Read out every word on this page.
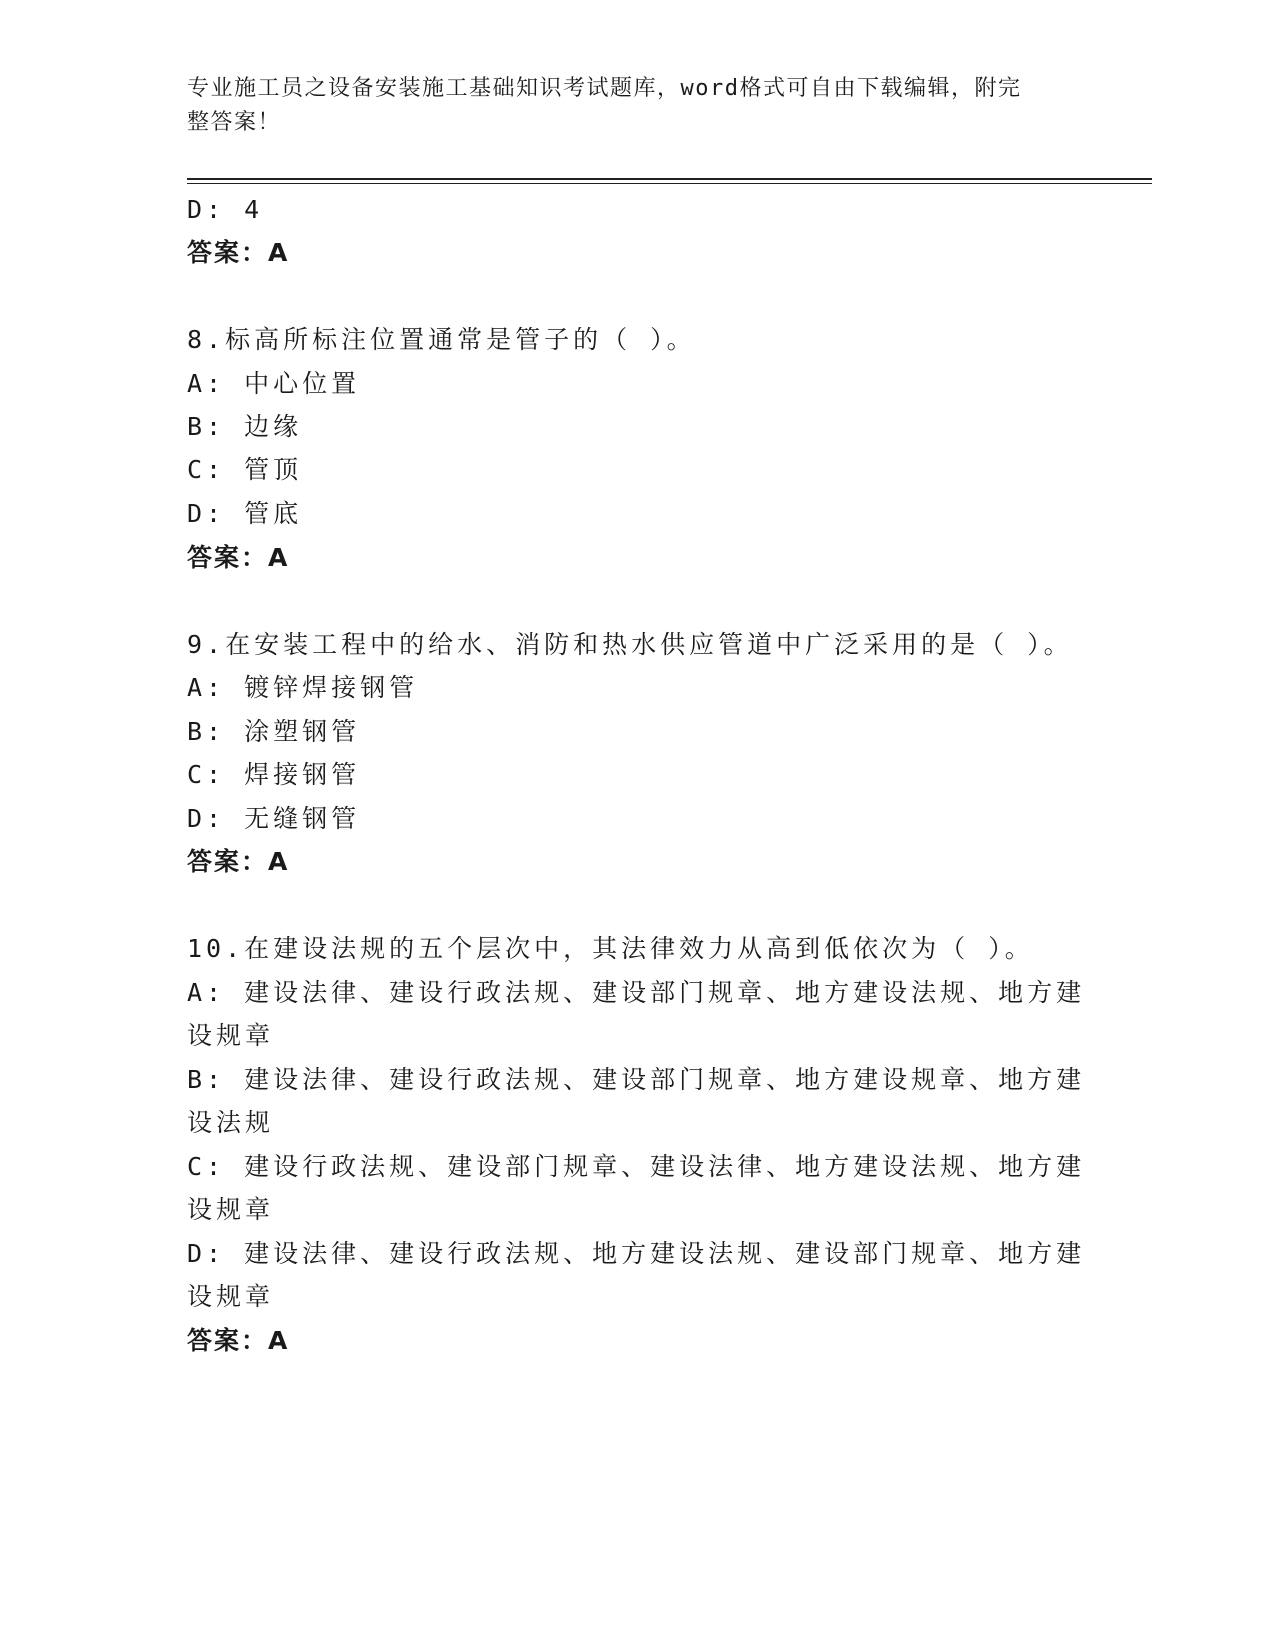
专业施工员之设备安装施工基础知识考试题库，word格式可自由下载编辑，附完
整答案！
D: 4
答案：A
8.标高所标注位置通常是管子的（ ）。
A: 中心位置
B: 边缘
C: 管顶
D: 管底
答案：A
9.在安装工程中的给水、消防和热水供应管道中广泛采用的是（ ）。
A: 镀锌焊接钢管
B: 涂塑钢管
C: 焊接钢管
D: 无缝钢管
答案：A
10.在建设法规的五个层次中，其法律效力从高到低依次为（ ）。
A: 建设法律、建设行政法规、建设部门规章、地方建设法规、地方建
设规章
B: 建设法律、建设行政法规、建设部门规章、地方建设规章、地方建
设法规
C: 建设行政法规、建设部门规章、建设法律、地方建设法规、地方建
设规章
D: 建设法律、建设行政法规、地方建设法规、建设部门规章、地方建
设规章
答案：A
